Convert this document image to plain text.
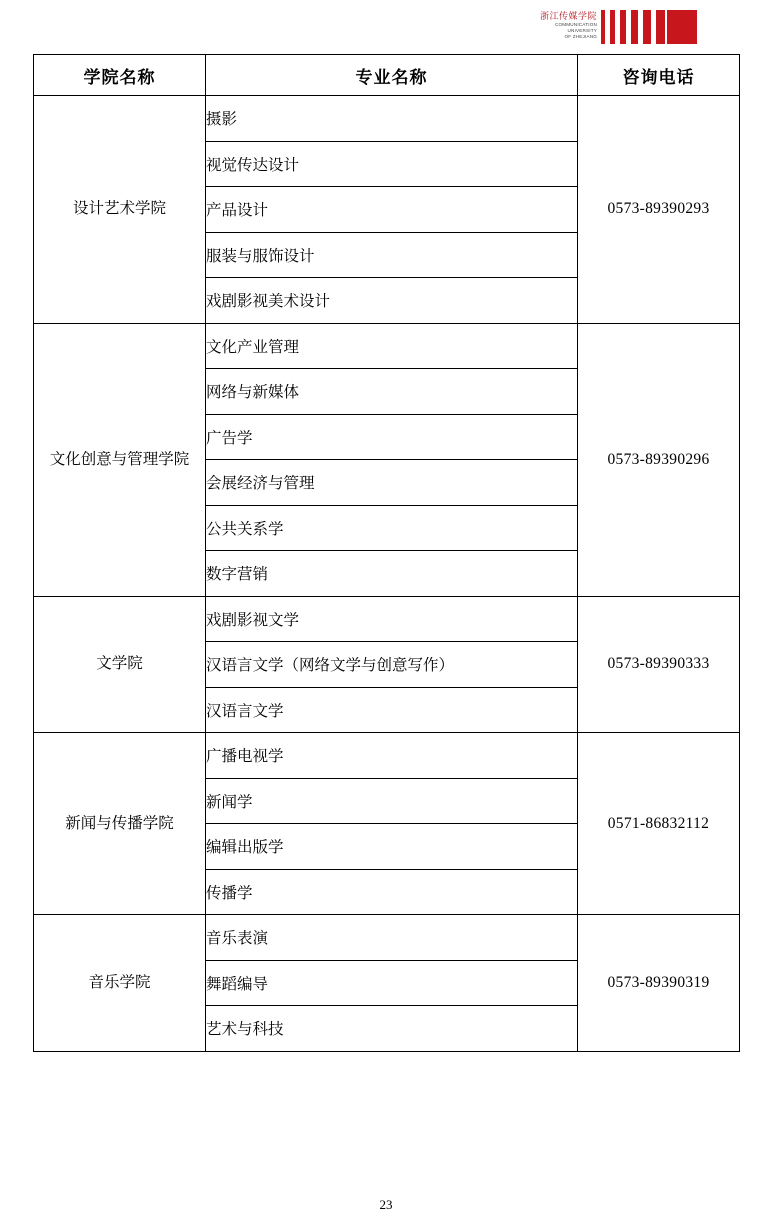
浙江传媒学院
COMMUNICATION
UNIVERSITY
OF ZHEJIANG
学院名称	专业名称	咨询电话
设计艺术学院	摄影	0573-89390293
	视觉传达设计	
	产品设计	
	服装与服饰设计	
	戏剧影视美术设计	
文化创意与管理学院	文化产业管理	0573-89390296
	网络与新媒体	
	广告学	
	会展经济与管理	
	公共关系学	
	数字营销	
文学院	戏剧影视文学	0573-89390333
	汉语言文学（网络文学与创意写作）	
	汉语言文学	
新闻与传播学院	广播电视学	0571-86832112
	新闻学	
	编辑出版学	
	传播学	
音乐学院	音乐表演	0573-89390319
	舞蹈编导	
	艺术与科技	
23
